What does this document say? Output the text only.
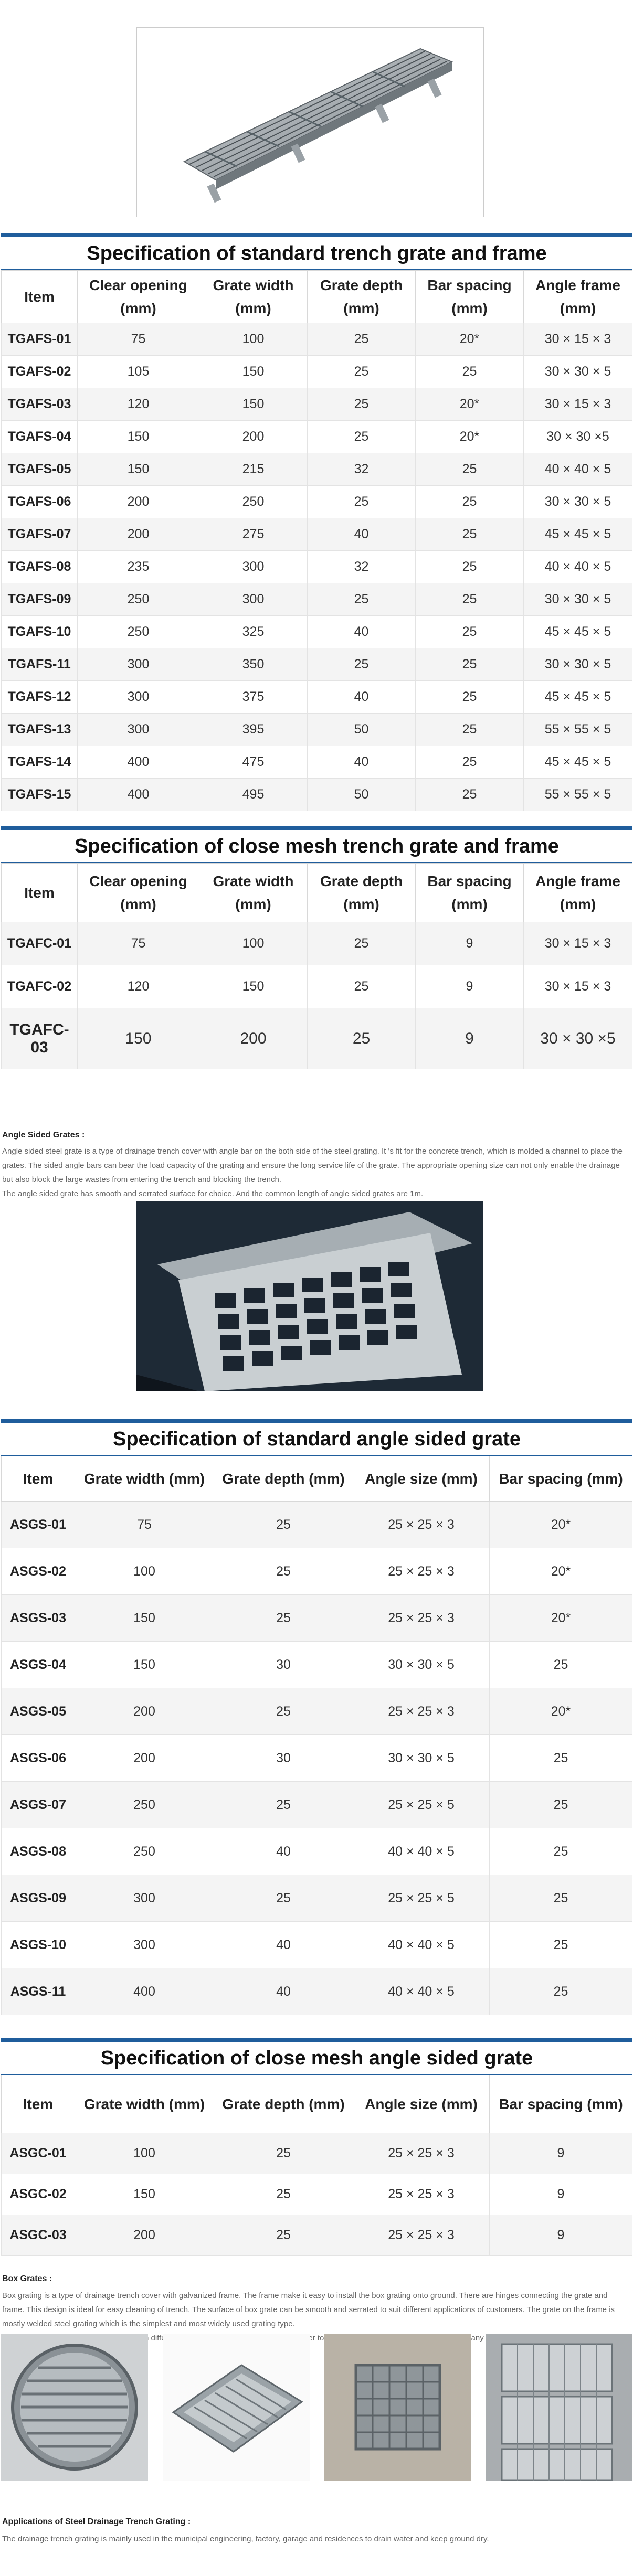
Specification of standard trench grate and frame
Item	Clear opening (mm)	Grate width (mm)	Grate depth (mm)	Bar spacing (mm)	Angle frame (mm)
TGAFS-01	75	100	25	20*	30 × 15 × 3
TGAFS-02	105	150	25	25	30 × 30 × 5
TGAFS-03	120	150	25	20*	30 × 15 × 3
TGAFS-04	150	200	25	20*	30 × 30 ×5
TGAFS-05	150	215	32	25	40 × 40 × 5
TGAFS-06	200	250	25	25	30 × 30 × 5
TGAFS-07	200	275	40	25	45 × 45 × 5
TGAFS-08	235	300	32	25	40 × 40 × 5
TGAFS-09	250	300	25	25	30 × 30 × 5
TGAFS-10	250	325	40	25	45 × 45 × 5
TGAFS-11	300	350	25	25	30 × 30 × 5
TGAFS-12	300	375	40	25	45 × 45 × 5
TGAFS-13	300	395	50	25	55 × 55 × 5
TGAFS-14	400	475	40	25	45 × 45 × 5
TGAFS-15	400	495	50	25	55 × 55 × 5
Specification of close mesh trench grate and frame
Item	Clear opening (mm)	Grate width (mm)	Grate depth (mm)	Bar spacing (mm)	Angle frame (mm)
TGAFC-01	75	100	25	9	30 × 15 × 3
TGAFC-02	120	150	25	9	30 × 15 × 3
TGAFC-03	150	200	25	9	30 × 30 ×5
Angle Sided Grates :

Angle sided steel grate is a type of drainage trench cover with angle bar on the both side of the steel grating. It 's fit for the concrete trench, which is molded a channel to place the grates. The sided angle bars can bear the load capacity of the grating and ensure the long service life of the grate. The appropriate opening size can not only enable the drainage but also block the large wastes from entering the trench and blocking the trench.

The angle sided grate has smooth and serrated surface for choice. And the common length of angle sided grates are 1m.

Specification of standard angle sided grate
Item	Grate width (mm)	Grate depth (mm)	Angle size (mm)	Bar spacing (mm)
ASGS-01	75	25	25 × 25 × 3	20*
ASGS-02	100	25	25 × 25 × 3	20*
ASGS-03	150	25	25 × 25 × 3	20*
ASGS-04	150	30	30 × 30 × 5	25
ASGS-05	200	25	25 × 25 × 3	20*
ASGS-06	200	30	30 × 30 × 5	25
ASGS-07	250	25	25 × 25 × 5	25
ASGS-08	250	40	40 × 40 × 5	25
ASGS-09	300	25	25 × 25 × 5	25
ASGS-10	300	40	40 × 40 × 5	25
ASGS-11	400	40	40 × 40 × 5	25
Specification of close mesh angle sided grate
Item	Grate width (mm)	Grate depth (mm)	Angle size (mm)	Bar spacing (mm)
ASGC-01	100	25	25 × 25 × 3	9
ASGC-02	150	25	25 × 25 × 3	9
ASGC-03	200	25	25 × 25 × 3	9
Box Grates :

Box grating is a type of drainage trench cover with galvanized frame. The frame make it easy to install the box grating onto ground. There are hinges connecting the grate and frame. This design is ideal for easy cleaning of trench. The surface of box grate can be smooth and serrated to suit different applications of customers. The grate on the frame is mostly welded steel grating which is the simplest and most widely used grating type.

to any

Applications of Steel Drainage Trench Grating :

The drainage trench grating is mainly used in the municipal engineering, factory, garage and residences to drain water and keep ground dry.
